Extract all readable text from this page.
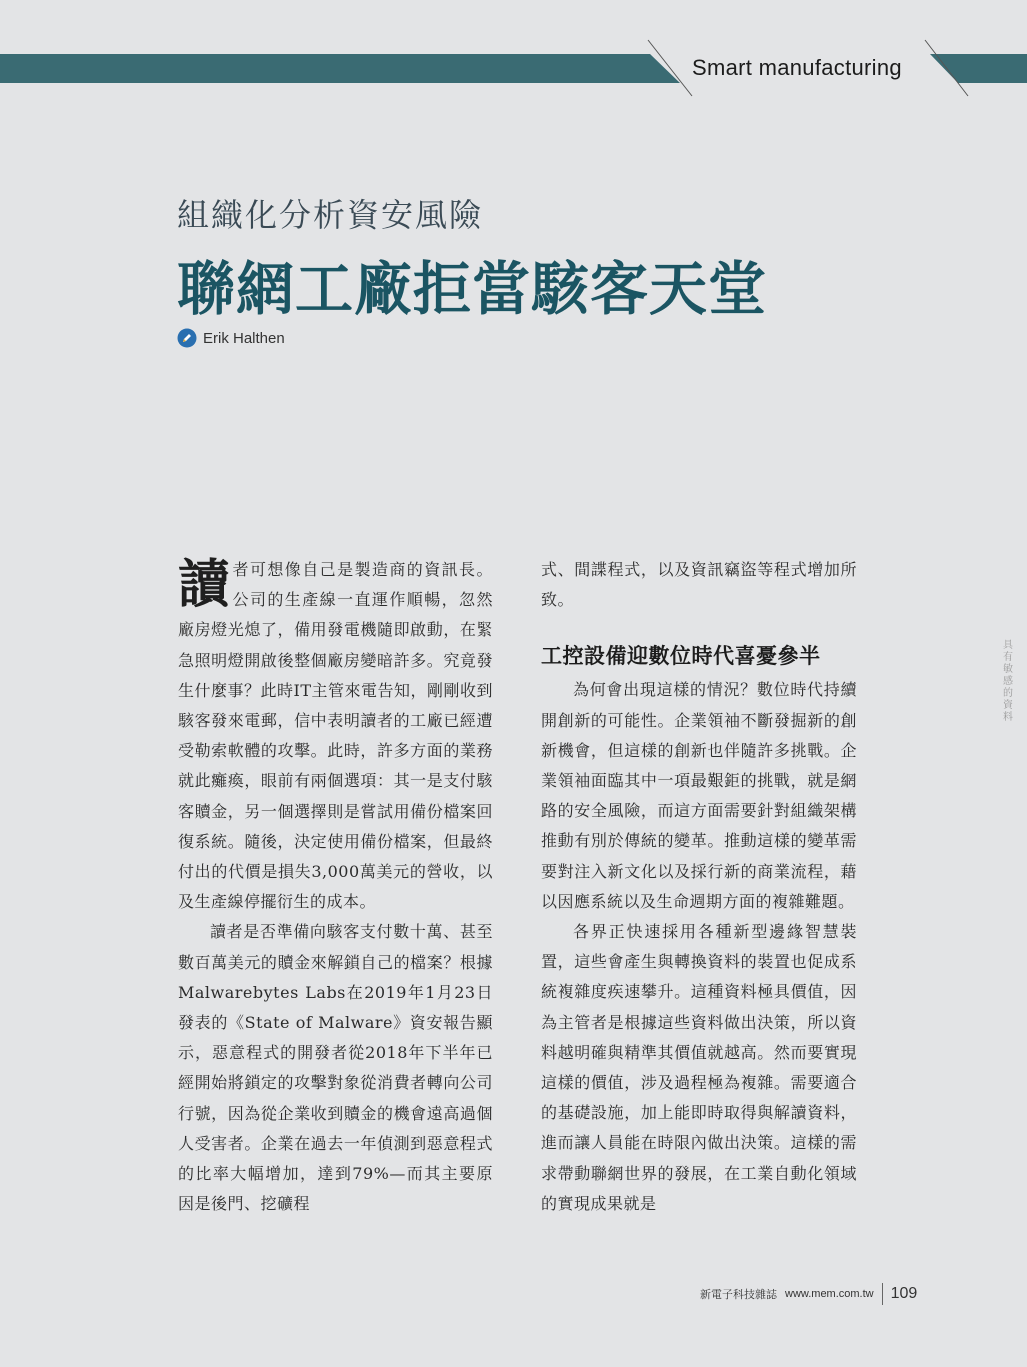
Smart manufacturing
組織化分析資安風險
聯網工廠拒當駭客天堂
Erik Halthen

讀者可想像自己是製造商的資訊長。公司的生產線一直運作順暢，忽然廠房燈光熄了，備用發電機隨即啟動，在緊急照明燈開啟後整個廠房變暗許多。究竟發生什麼事？此時IT主管來電告知，剛剛收到駭客發來電郵，信中表明讀者的工廠已經遭受勒索軟體的攻擊。此時，許多方面的業務就此癱瘓，眼前有兩個選項：其一是支付駭客贖金，另一個選擇則是嘗試用備份檔案回復系統。隨後，決定使用備份檔案，但最終付出的代價是損失3,000萬美元的營收，以及生產線停擺衍生的成本。

讀者是否準備向駭客支付數十萬、甚至數百萬美元的贖金來解鎖自己的檔案？根據Malwarebytes Labs在2019年1月23日發表的《State of Malware》資安報告顯示，惡意程式的開發者從2018年下半年已經開始將鎖定的攻擊對象從消費者轉向公司行號，因為從企業收到贖金的機會遠高過個人受害者。企業在過去一年偵測到惡意程式的比率大幅增加，達到79%—而其主要原因是後門、挖礦程

式、間諜程式，以及資訊竊盜等程式增加所致。

工控設備迎數位時代喜憂參半

為何會出現這樣的情況？數位時代持續開創新的可能性。企業領袖不斷發掘新的創新機會，但這樣的創新也伴隨許多挑戰。企業領袖面臨其中一項最艱鉅的挑戰，就是網路的安全風險，而這方面需要針對組織架構推動有別於傳統的變革。推動這樣的變革需要對注入新文化以及採行新的商業流程，藉以因應系統以及生命週期方面的複雜難題。

各界正快速採用各種新型邊緣智慧裝置，這些會產生與轉換資料的裝置也促成系統複雜度疾速攀升。這種資料極具價值，因為主管者是根據這些資料做出決策，所以資料越明確與精準其價值就越高。然而要實現這樣的價值，涉及過程極為複雜。需要適合的基礎設施，加上能即時取得與解讀資料，進而讓人員能在時限內做出決策。這樣的需求帶動聯網世界的發展，在工業自動化領域的實現成果就是

具有敏感的資料
新電子科技雜誌 www.mem.com.tw 109
